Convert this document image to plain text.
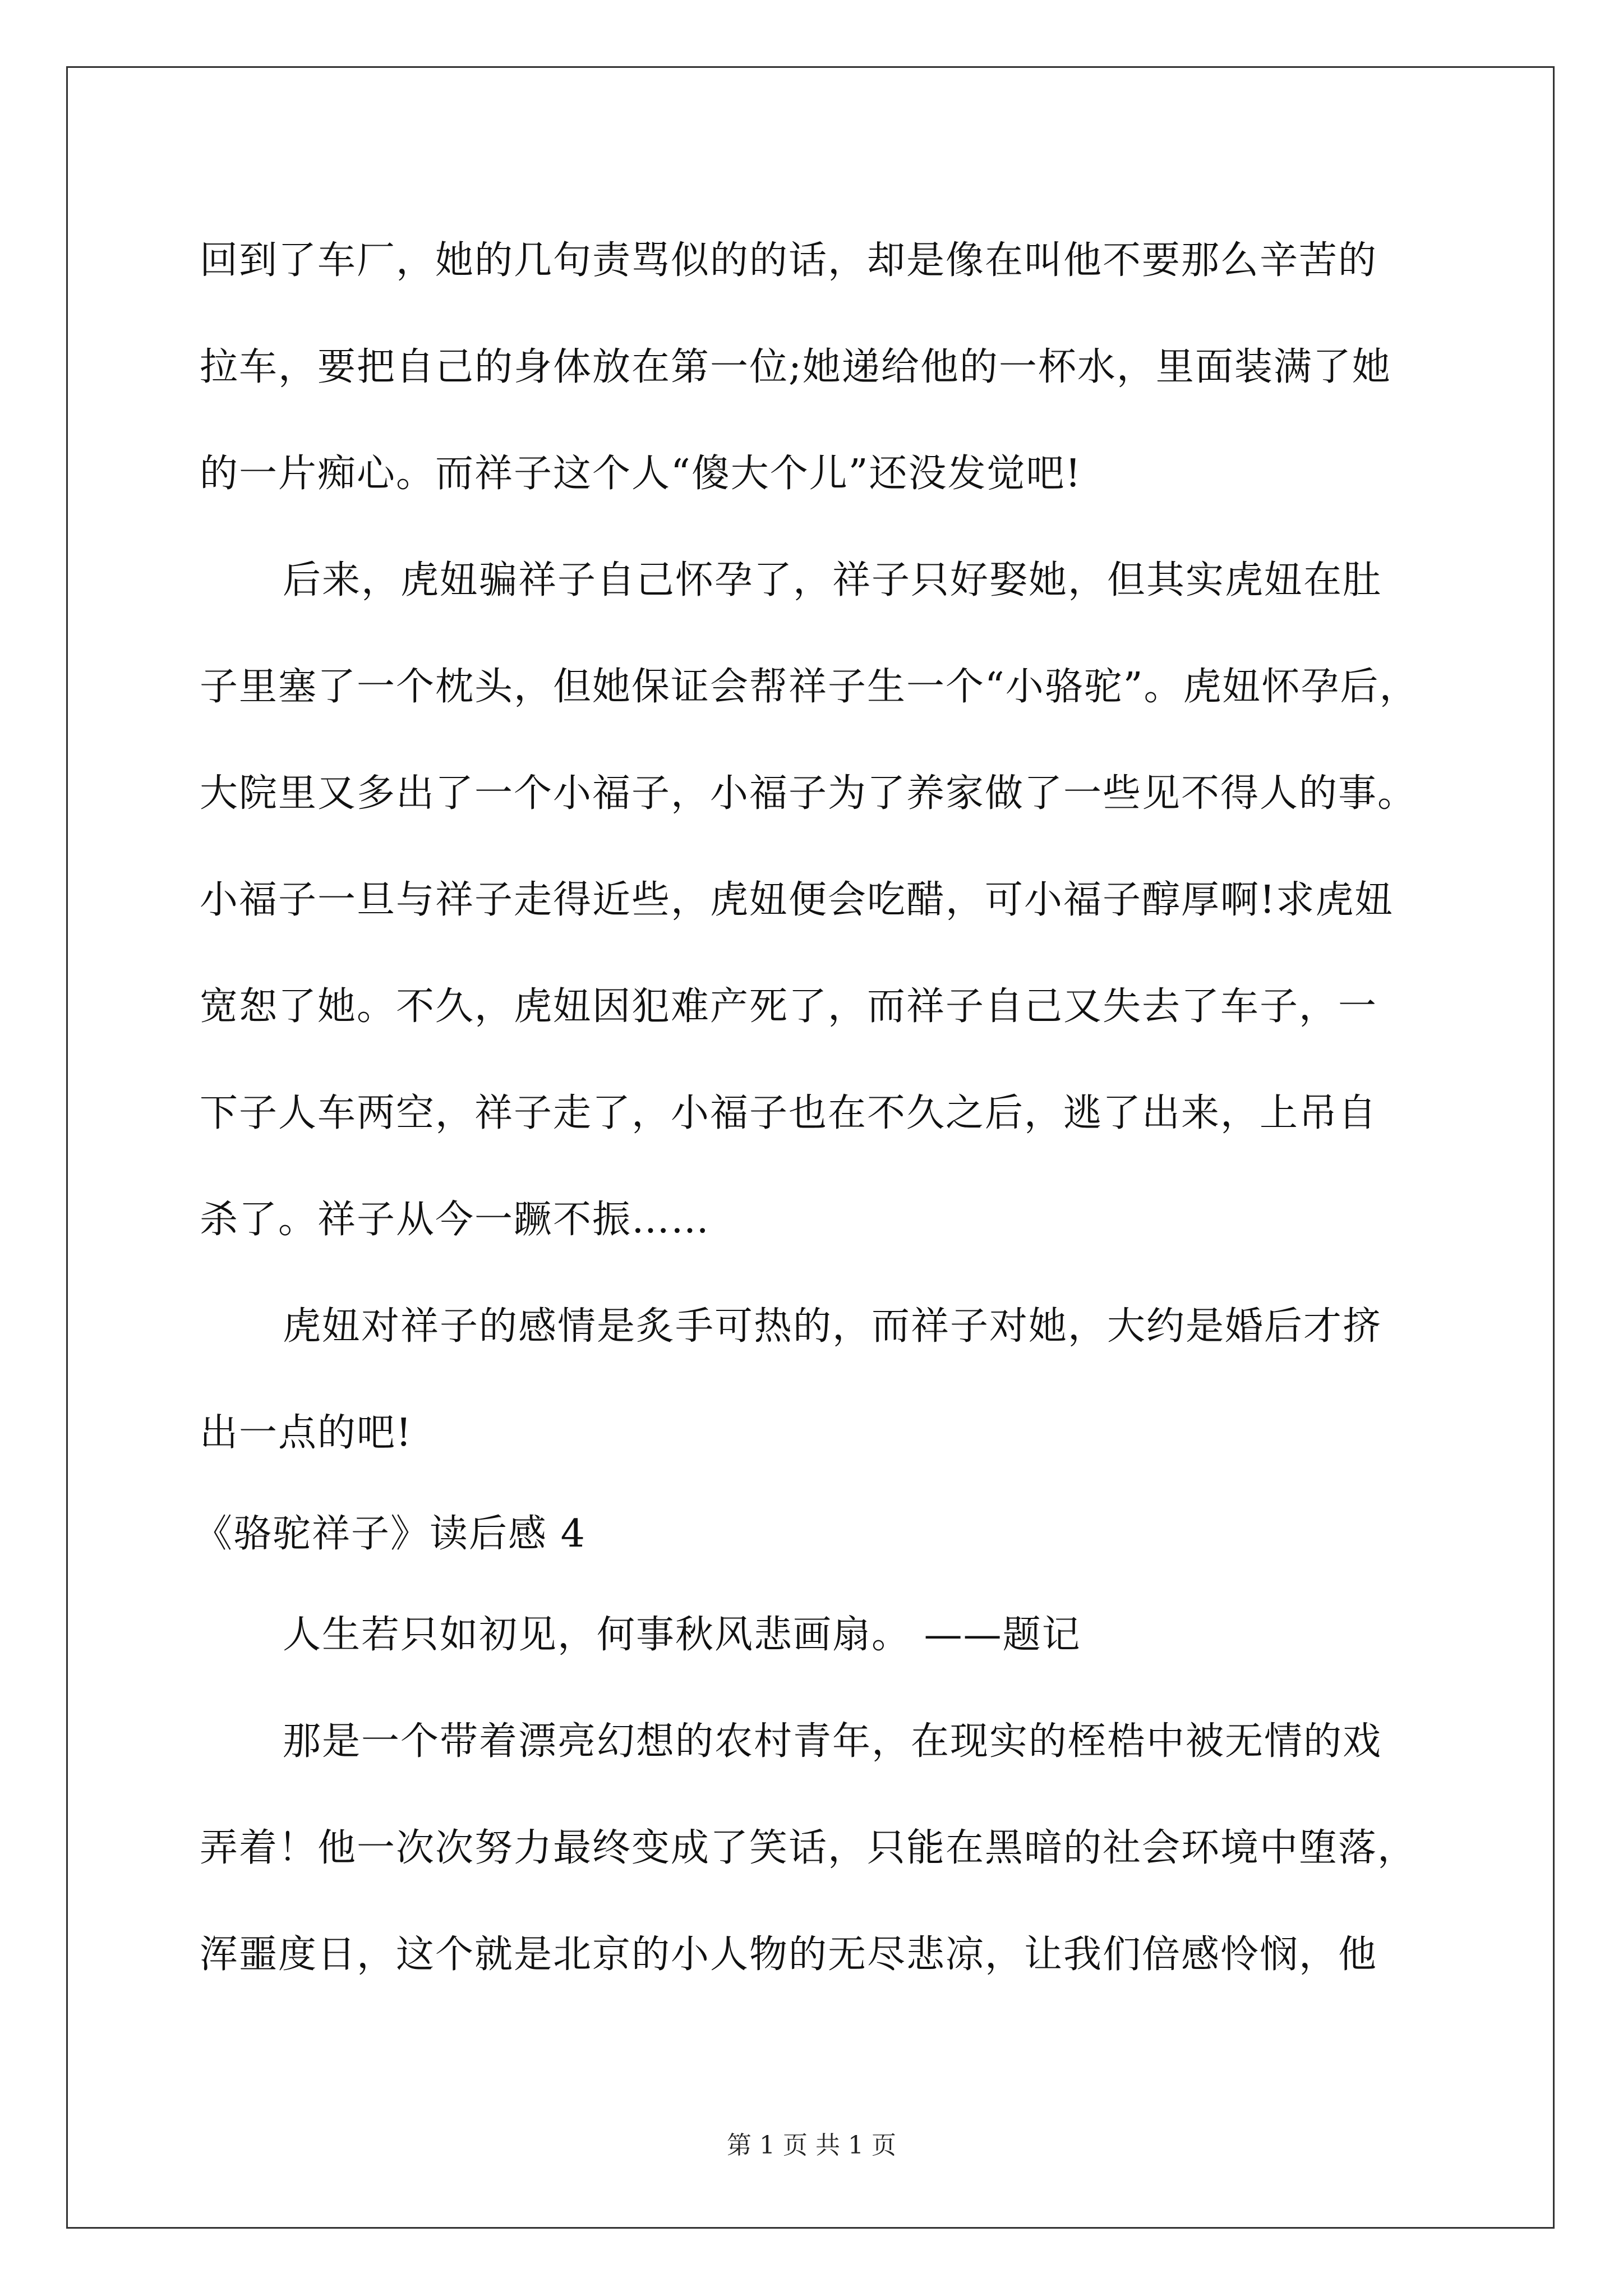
回到了车厂，她的几句责骂似的的话，却是像在叫他不要那么辛苦的
拉车，要把自己的身体放在第一位;她递给他的一杯水，里面装满了她
的一片痴心。而祥子这个人“傻大个儿”还没发觉吧!
后来，虎妞骗祥子自己怀孕了，祥子只好娶她，但其实虎妞在肚
子里塞了一个枕头，但她保证会帮祥子生一个“小骆驼”。虎妞怀孕后，
大院里又多出了一个小福子，小福子为了养家做了一些见不得人的事。
小福子一旦与祥子走得近些，虎妞便会吃醋，可小福子醇厚啊!求虎妞
宽恕了她。不久，虎妞因犯难产死了，而祥子自己又失去了车子，一
下子人车两空，祥子走了，小福子也在不久之后，逃了出来，上吊自
杀了。祥子从今一蹶不振……
虎妞对祥子的感情是炙手可热的，而祥子对她，大约是婚后才挤
出一点的吧!
《骆驼祥子》读后感 4
人生若只如初见，何事秋风悲画扇。 ——题记
那是一个带着漂亮幻想的农村青年，在现实的桎梏中被无情的戏
弄着！他一次次努力最终变成了笑话，只能在黑暗的社会环境中堕落，
浑噩度日，这个就是北京的小人物的无尽悲凉，让我们倍感怜悯，他
第 1 页 共 1 页
